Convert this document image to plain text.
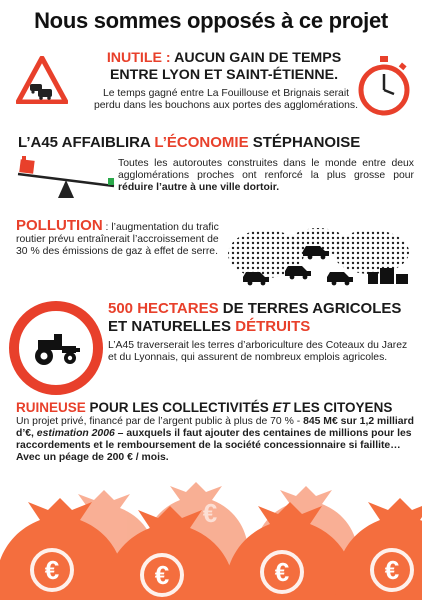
Nous sommes opposés à ce projet
INUTILE : AUCUN GAIN DE TEMPS
ENTRE LYON ET SAINT-ÉTIENNE.
Le temps gagné entre La Fouillouse et Brignais serait
perdu dans les bouchons aux portes des agglomérations.
L’A45 AFFAIBLIRA L’ÉCONOMIE STÉPHANOISE
Toutes les autoroutes construites dans le monde entre deux agglomérations proches ont renforcé la plus grosse pour réduire l’autre à une ville dortoir.
POLLUTION : l’augmentation du trafic routier prévu entraînerait l’accroissement de 30 % des émissions de gaz à effet de serre.
500 HECTARES DE TERRES AGRICOLES
ET NATURELLES DÉTRUITS
L’A45 traverserait les terres d’arboriculture des Coteaux du Jarez et du Lyonnais, qui assurent de nombreux emplois agricoles.
RUINEUSE POUR LES COLLECTIVITÉS ET LES CITOYENS
Un projet privé, financé par de l’argent public à plus de 70 % - 845 M€ sur 1,2 milliard d’€, estimation 2006 – auxquels il faut ajouter des centaines de millions pour les raccordements et le remboursement de la société concessionnaire si faillite… Avec un péage de 200 € / mois.
€	€	€	€
€
